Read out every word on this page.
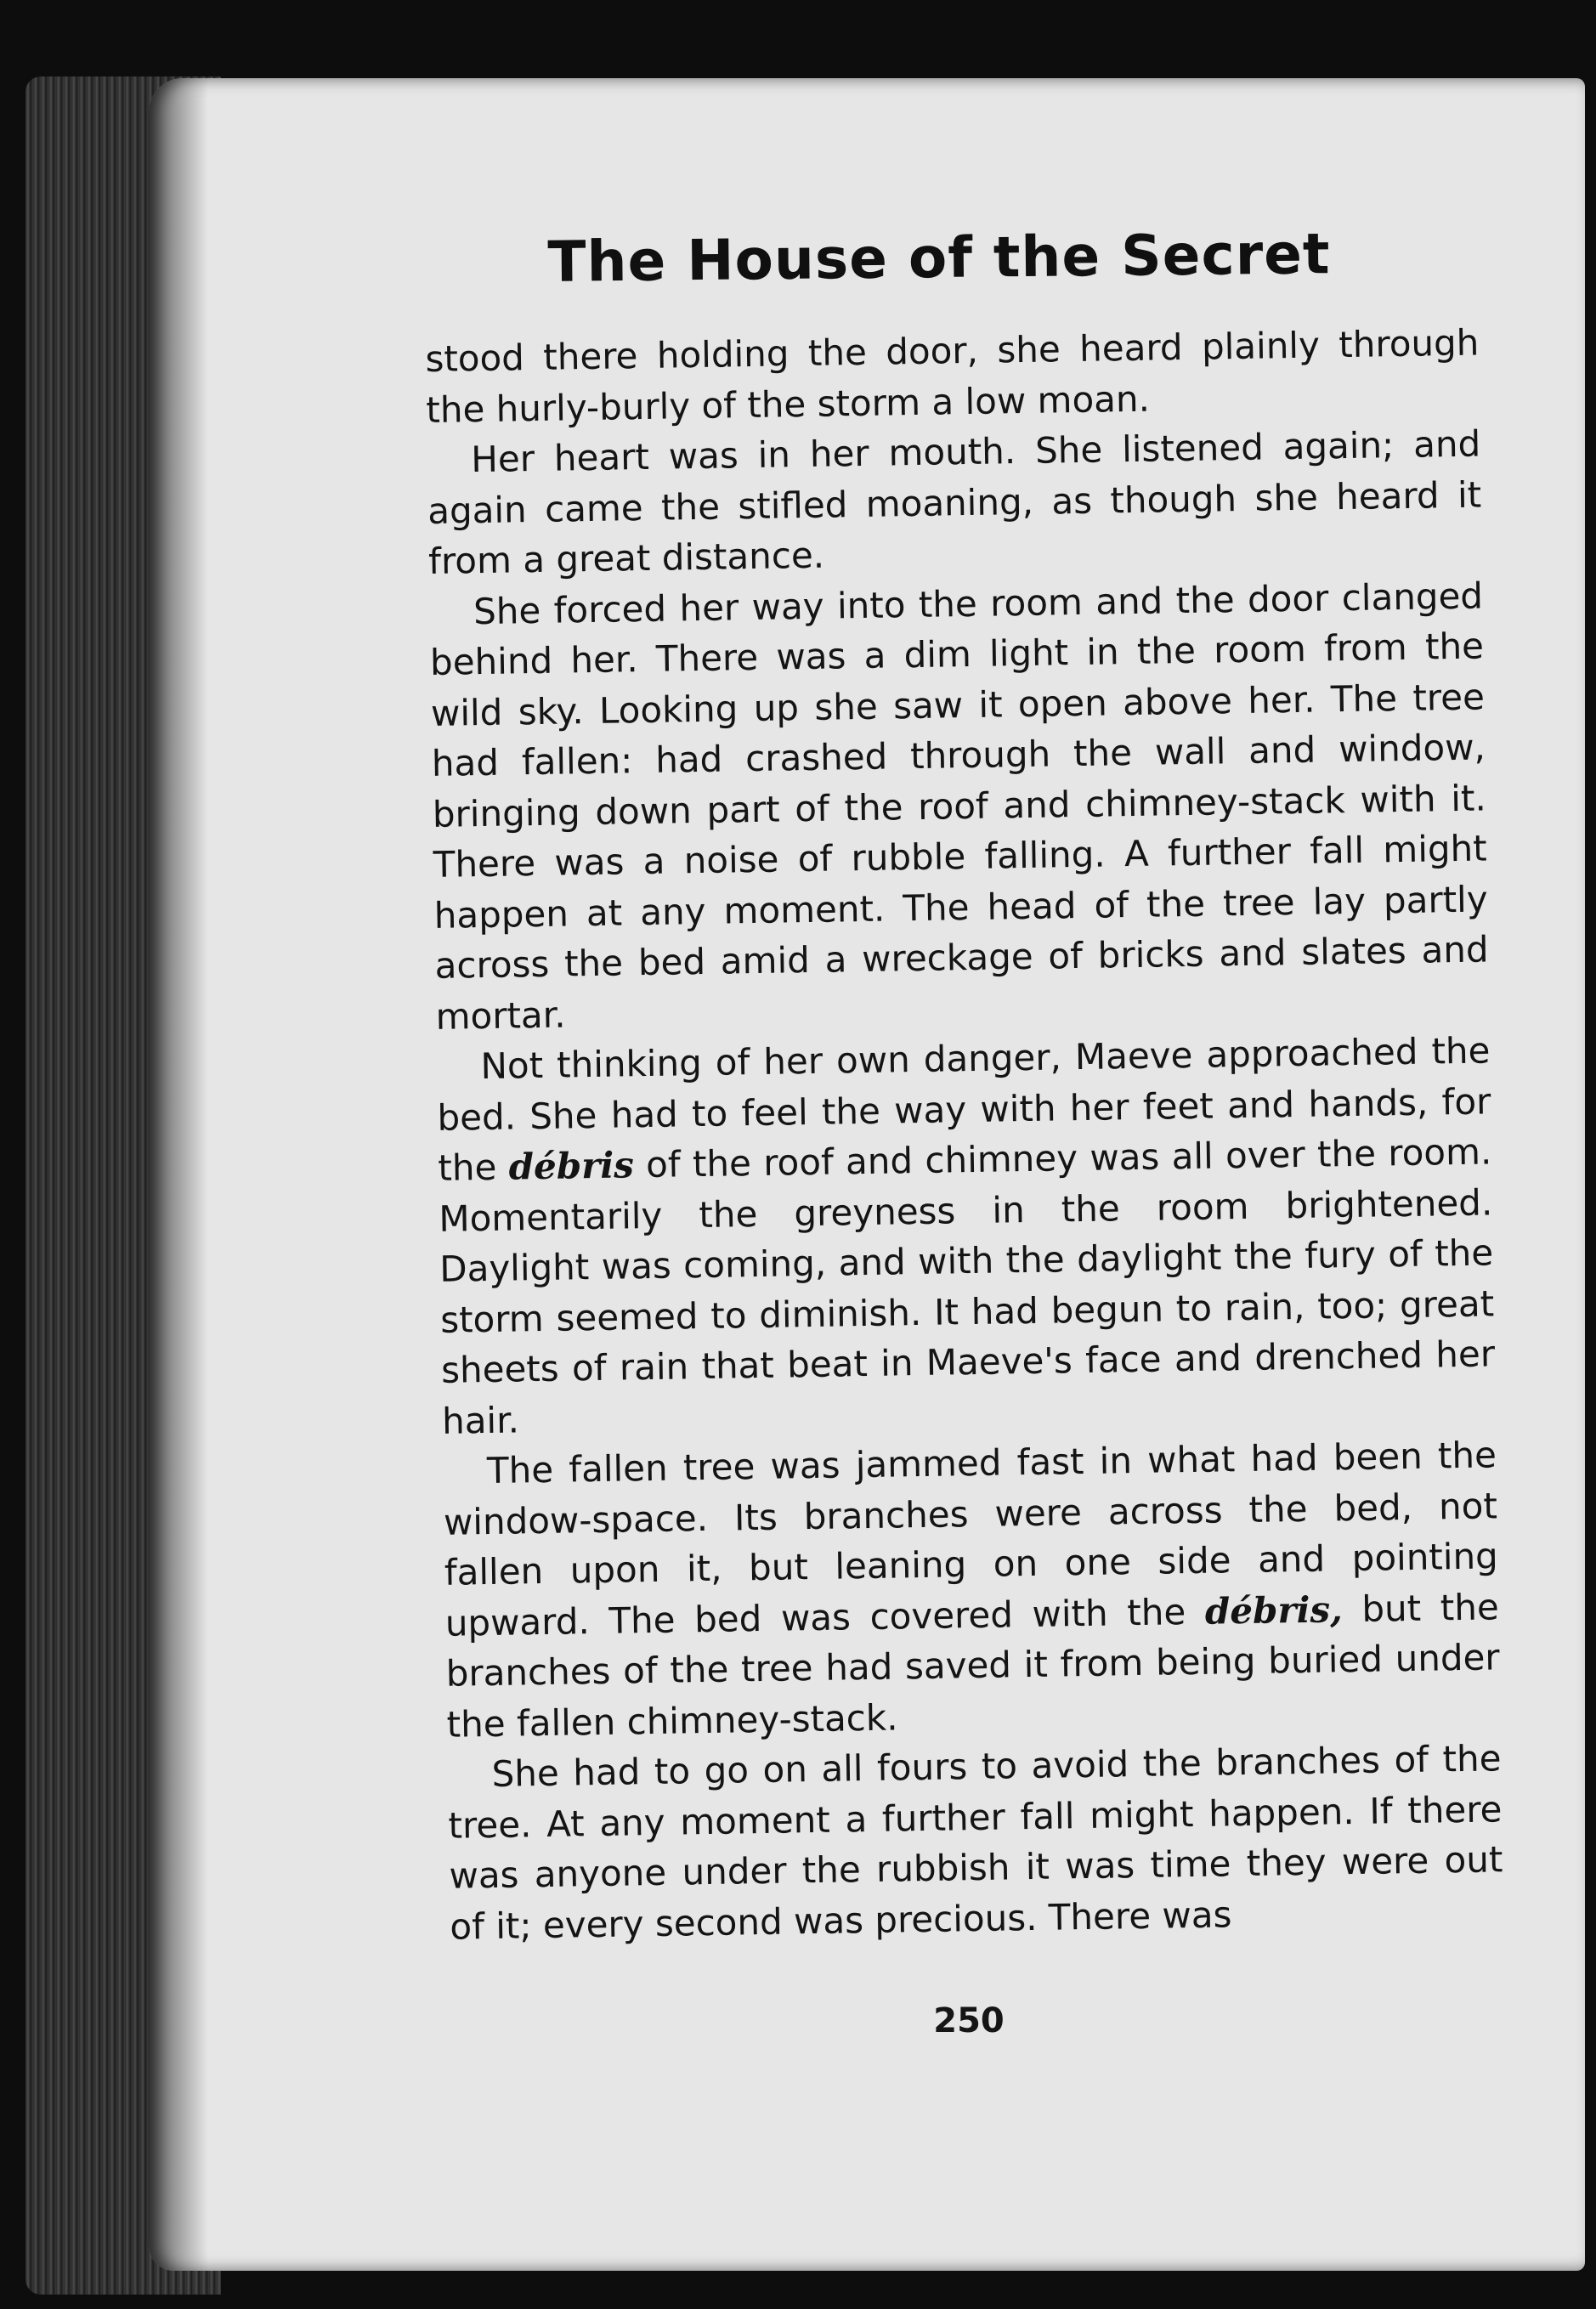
The House of the Secret

stood there holding the door, she heard plainly through the hurly-burly of the storm a low moan.

Her heart was in her mouth. She listened again; and again came the stifled moaning, as though she heard it from a great distance.

She forced her way into the room and the door clanged behind her. There was a dim light in the room from the wild sky. Looking up she saw it open above her. The tree had fallen: had crashed through the wall and window, bringing down part of the roof and chimney-stack with it. There was a noise of rubble falling. A further fall might happen at any moment. The head of the tree lay partly across the bed amid a wreckage of bricks and slates and mortar.

Not thinking of her own danger, Maeve approached the bed. She had to feel the way with her feet and hands, for the débris of the roof and chimney was all over the room. Momentarily the greyness in the room brightened. Daylight was coming, and with the daylight the fury of the storm seemed to diminish. It had begun to rain, too; great sheets of rain that beat in Maeve's face and drenched her hair.

The fallen tree was jammed fast in what had been the window-space. Its branches were across the bed, not fallen upon it, but leaning on one side and pointing upward. The bed was covered with the débris, but the branches of the tree had saved it from being buried under the fallen chimney-stack.

She had to go on all fours to avoid the branches of the tree. At any moment a further fall might happen. If there was anyone under the rubbish it was time they were out of it; every second was precious. There was

250
